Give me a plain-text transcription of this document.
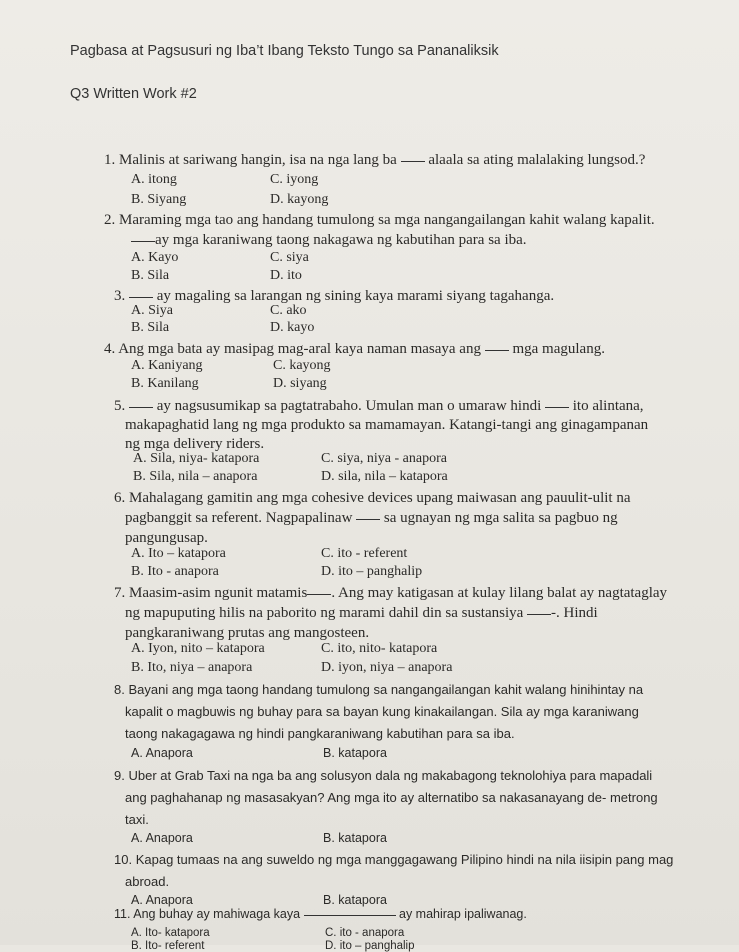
Pagbasa at Pagsusuri ng Iba’t Ibang Teksto Tungo sa Pananaliksik
Q3 Written Work #2
1. Malinis at sariwang hangin, isa na nga lang ba alaala sa ating malalaking lungsod.?
A. itong	C. iyong
B. Siyang	D. kayong
2. Maraming mga tao ang handang tumulong sa mga nangangailangan kahit walang kapalit.
ay mga karaniwang taong nakagawa ng kabutihan para sa iba.
A. Kayo	C. siya
B. Sila	D. ito
3. ay magaling sa larangan ng sining kaya marami siyang tagahanga.
A. Siya	C. ako
B. Sila	D. kayo
4. Ang mga bata ay masipag mag-aral kaya naman masaya ang mga magulang.
A. Kaniyang	C. kayong
B. Kanilang	D. siyang
5. ay nagsusumikap sa pagtatrabaho. Umulan man o umaraw hindi ito alintana,
makapaghatid lang ng mga produkto sa mamamayan. Katangi-tangi ang ginagampanan
ng mga delivery riders.
A. Sila, niya- katapora	C. siya, niya - anapora
B. Sila, nila – anapora	D. sila, nila – katapora
6. Mahalagang gamitin ang mga cohesive devices upang maiwasan ang pauulit-ulit na
pagbanggit sa referent. Nagpapalinaw sa ugnayan ng mga salita sa pagbuo ng
pangungusap.
A. Ito – katapora	C. ito - referent
B. Ito - anapora	D. ito – panghalip
7. Maasim-asim ngunit matamis . Ang may katigasan at kulay lilang balat ay nagtataglay
ng mapuputing hilis na paborito ng marami dahil din sa sustansiya -. Hindi
pangkaraniwang prutas ang mangosteen.
A. Iyon, nito – katapora	C. ito, nito- katapora
B. Ito, niya – anapora	D. iyon, niya – anapora
8. Bayani ang mga taong handang tumulong sa nangangailangan kahit walang hinihintay na
kapalit o magbuwis ng buhay para sa bayan kung kinakailangan. Sila ay mga karaniwang
taong nakagagawa ng hindi pangkaraniwang kabutihan para sa iba.
A. Anapora	B. katapora
9. Uber at Grab Taxi na nga ba ang solusyon dala ng makabagong teknolohiya para mapadali
ang paghahanap ng masasakyan? Ang mga ito ay alternatibo sa nakasanayang de- metrong
taxi.
A. Anapora	B. katapora
10. Kapag tumaas na ang suweldo ng mga manggagawang Pilipino hindi na nila iisipin pang mag
abroad.
A. Anapora	B. katapora
11. Ang buhay ay mahiwaga kaya	ay mahirap ipaliwanag.
A. Ito- katapora	C. ito - anapora
B. Ito- referent	D. ito – panghalip
